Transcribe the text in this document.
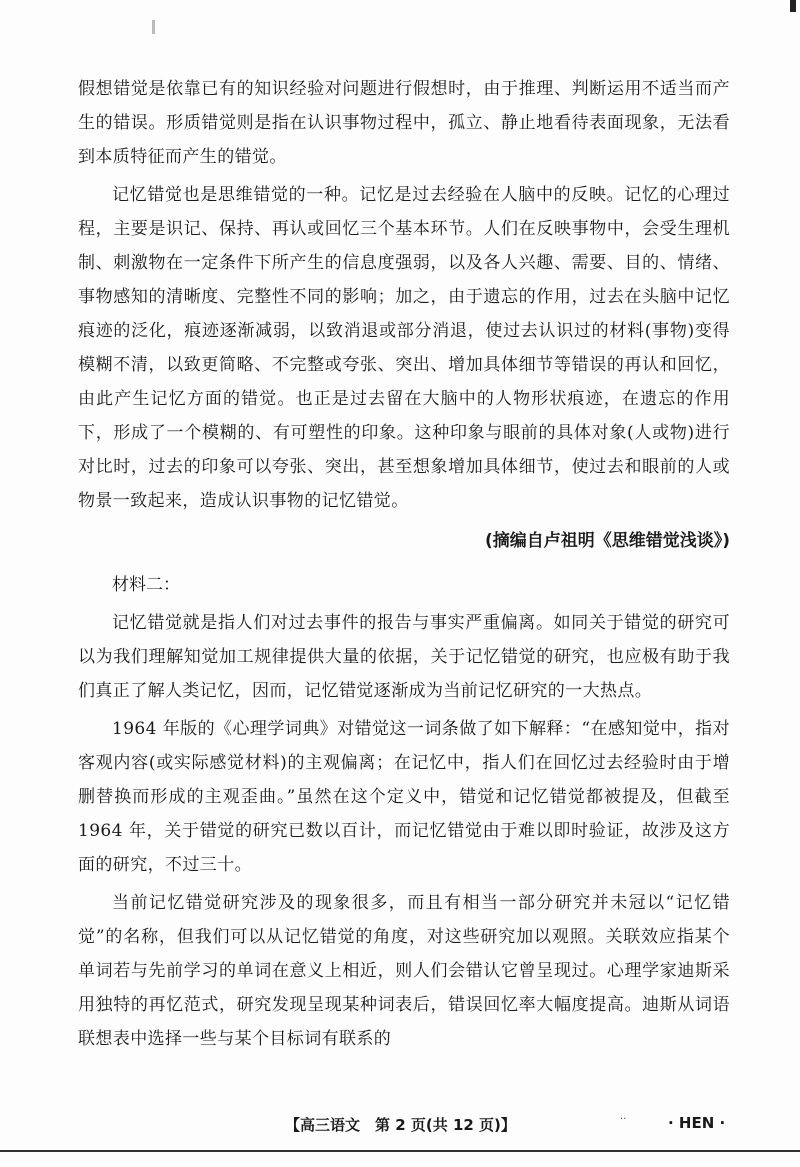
假想错觉是依靠已有的知识经验对问题进行假想时，由于推理、判断运用不适当而产生的错误。形质错觉则是指在认识事物过程中，孤立、静止地看待表面现象，无法看到本质特征而产生的错觉。

记忆错觉也是思维错觉的一种。记忆是过去经验在人脑中的反映。记忆的心理过程，主要是识记、保持、再认或回忆三个基本环节。人们在反映事物中，会受生理机制、刺激物在一定条件下所产生的信息度强弱，以及各人兴趣、需要、目的、情绪、事物感知的清晰度、完整性不同的影响；加之，由于遗忘的作用，过去在头脑中记忆痕迹的泛化，痕迹逐渐减弱，以致消退或部分消退，使过去认识过的材料(事物)变得模糊不清，以致更简略、不完整或夸张、突出、增加具体细节等错误的再认和回忆，由此产生记忆方面的错觉。也正是过去留在大脑中的人物形状痕迹，在遗忘的作用下，形成了一个模糊的、有可塑性的印象。这种印象与眼前的具体对象(人或物)进行对比时，过去的印象可以夸张、突出，甚至想象增加具体细节，使过去和眼前的人或物景一致起来，造成认识事物的记忆错觉。

(摘编自卢祖明《思维错觉浅谈》)
材料二：

记忆错觉就是指人们对过去事件的报告与事实严重偏离。如同关于错觉的研究可以为我们理解知觉加工规律提供大量的依据，关于记忆错觉的研究，也应极有助于我们真正了解人类记忆，因而，记忆错觉逐渐成为当前记忆研究的一大热点。

1964 年版的《心理学词典》对错觉这一词条做了如下解释：“在感知觉中，指对客观内容(或实际感觉材料)的主观偏离；在记忆中，指人们在回忆过去经验时由于增删替换而形成的主观歪曲。”虽然在这个定义中，错觉和记忆错觉都被提及，但截至 1964 年，关于错觉的研究已数以百计，而记忆错觉由于难以即时验证，故涉及这方面的研究，不过三十。

当前记忆错觉研究涉及的现象很多，而且有相当一部分研究并未冠以“记忆错觉”的名称，但我们可以从记忆错觉的角度，对这些研究加以观照。关联效应指某个单词若与先前学习的单词在意义上相近，则人们会错认它曾呈现过。心理学家迪斯采用独特的再忆范式，研究发现呈现某种词表后，错误回忆率大幅度提高。迪斯从词语联想表中选择一些与某个目标词有联系的

【高三语文　第 2 页(共 12 页)】	··	· HEN ·
